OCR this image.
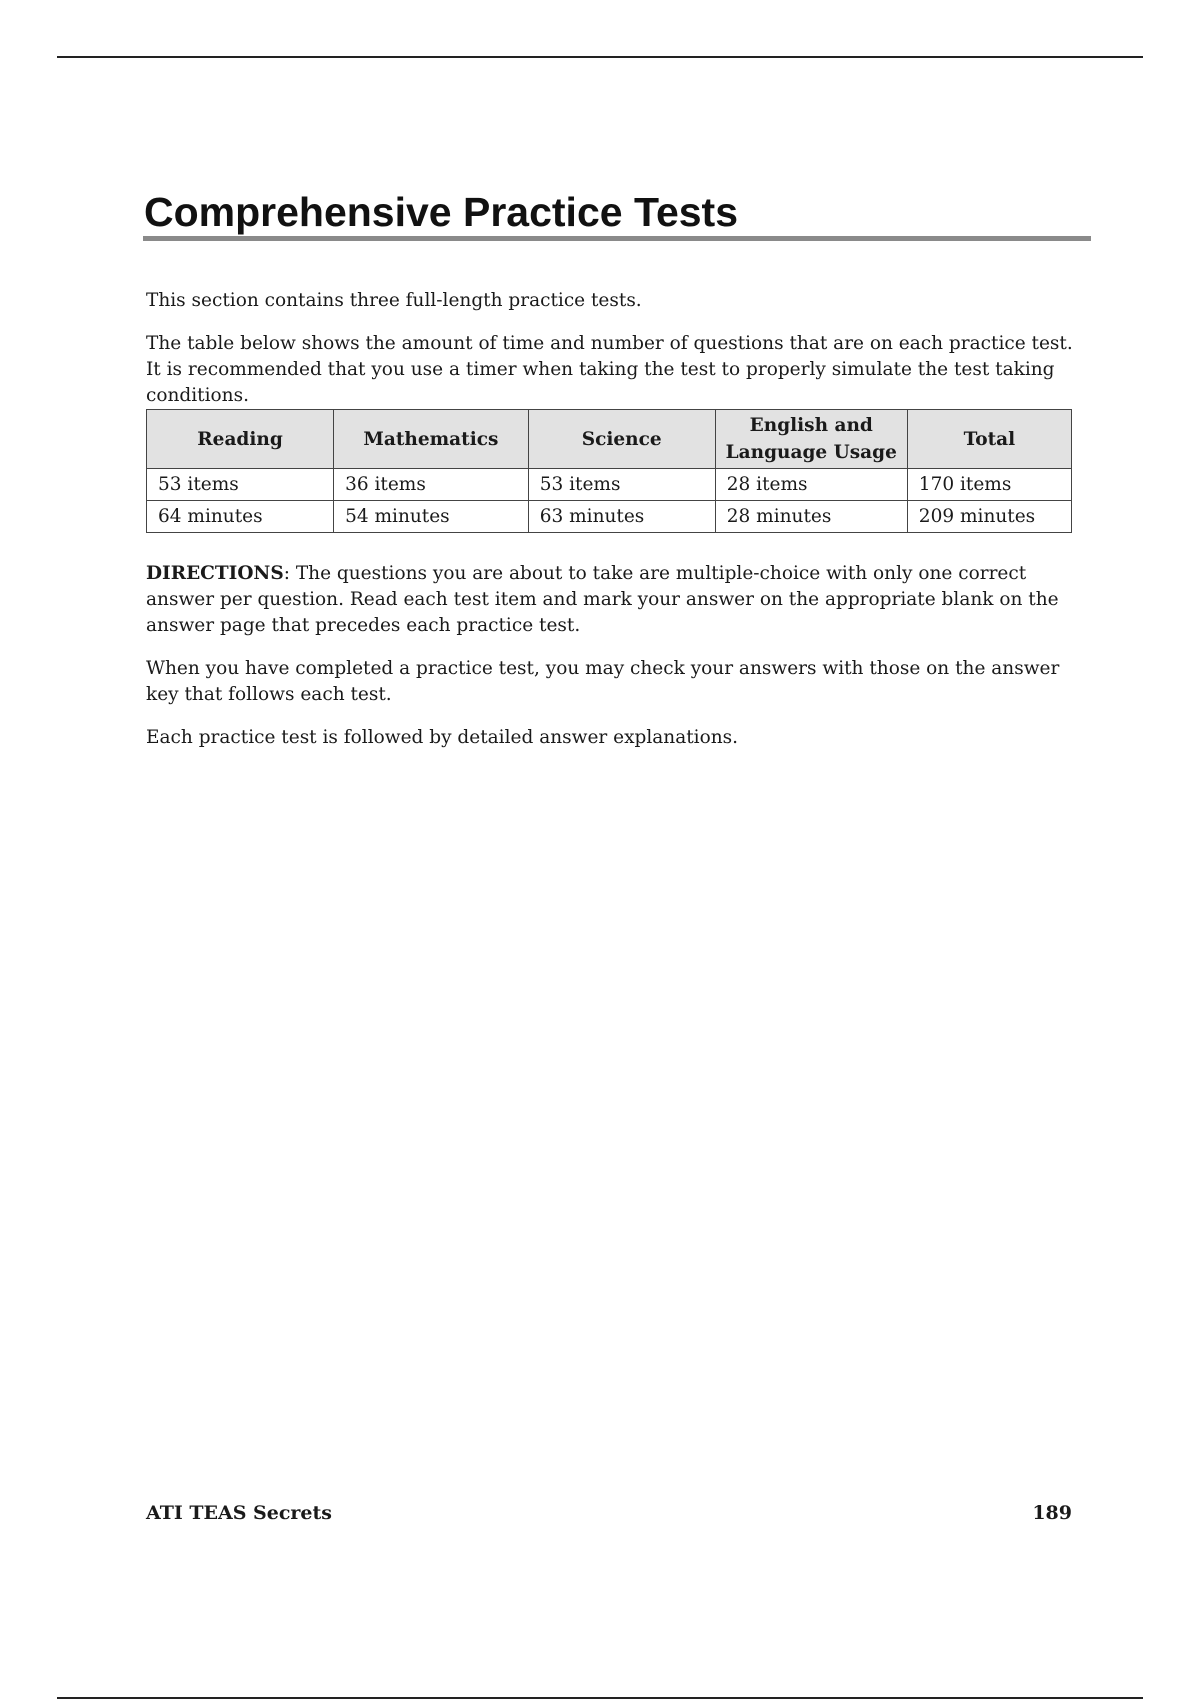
Comprehensive Practice Tests

This section contains three full-length practice tests.

The table below shows the amount of time and number of questions that are on each practice test. It is recommended that you use a timer when taking the test to properly simulate the test taking conditions.

Reading	Mathematics	Science	English and Language Usage	Total
53 items	36 items	53 items	28 items	170 items
64 minutes	54 minutes	63 minutes	28 minutes	209 minutes

DIRECTIONS: The questions you are about to take are multiple-choice with only one correct answer per question. Read each test item and mark your answer on the appropriate blank on the answer page that precedes each practice test.

When you have completed a practice test, you may check your answers with those on the answer key that follows each test.

Each practice test is followed by detailed answer explanations.

ATI TEAS Secrets	189
